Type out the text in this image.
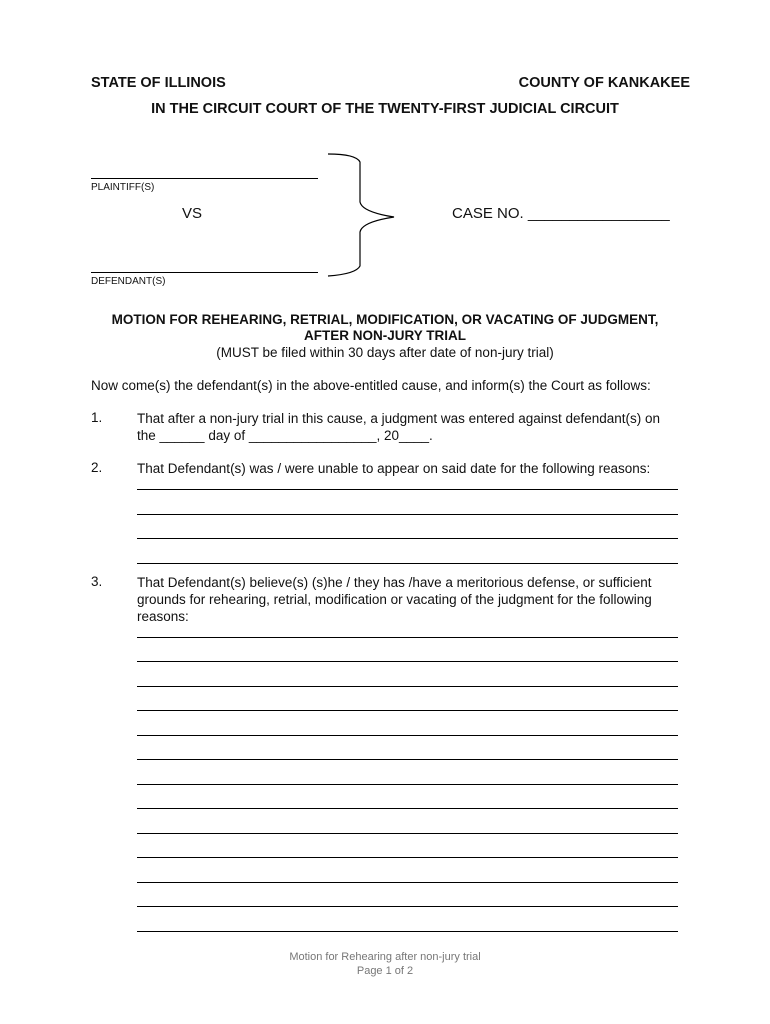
STATE OF ILLINOIS	COUNTY OF KANKAKEE
IN THE CIRCUIT COURT OF THE TWENTY-FIRST JUDICIAL CIRCUIT
PLAINTIFF(S)
VS	CASE NO. _________________
DEFENDANT(S)
MOTION FOR REHEARING, RETRIAL, MODIFICATION, OR VACATING OF JUDGMENT,
AFTER NON-JURY TRIAL
(MUST be filed within 30 days after date of non-jury trial)
Now come(s) the defendant(s) in the above-entitled cause, and inform(s) the Court as follows:
1.	That after a non-jury trial in this cause, a judgment was entered against defendant(s) on
the ______ day of _________________, 20____.
2.	That Defendant(s) was / were unable to appear on said date for the following reasons:
3.	That Defendant(s) believe(s) (s)he / they has /have a meritorious defense, or sufficient
grounds for rehearing, retrial, modification or vacating of the judgment for the following
reasons:
Motion for Rehearing after non-jury trial
Page 1 of 2
